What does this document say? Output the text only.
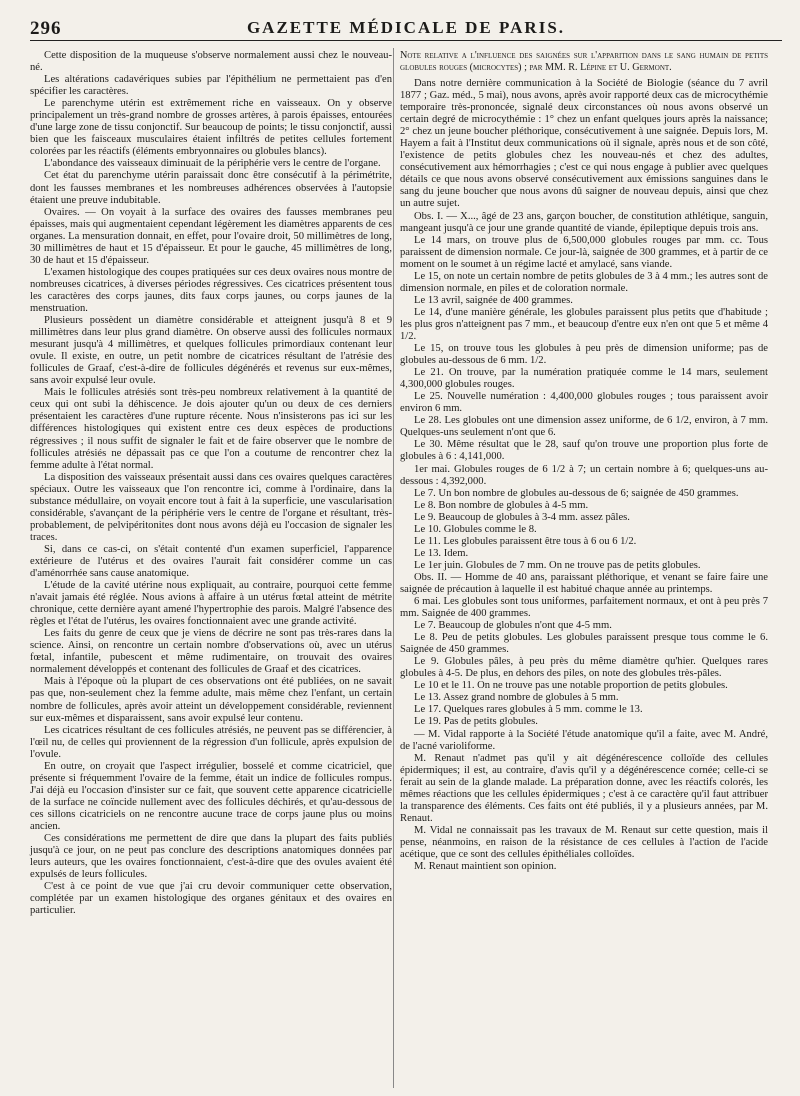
296	GAZETTE MÉDICALE DE PARIS.

Cette disposition de la muqueuse s'observe normalement aussi chez le nouveau-né.

Les altérations cadavériques subies par l'épithélium ne permettaient pas d'en spécifier les caractères.

Le parenchyme utérin est extrêmement riche en vaisseaux. On y observe principalement un très-grand nombre de grosses artères, à parois épaisses, entourées d'une large zone de tissu conjonctif. Sur beaucoup de points; le tissu conjonctif, aussi bien que les faisceaux musculaires étaient infiltrés de petites cellules fortement colorées par les réactifs (éléments embryonnaires ou globules blancs).

L'abondance des vaisseaux diminuait de la périphérie vers le centre de l'organe.

Cet état du parenchyme utérin paraissait donc être consécutif à la périmétrite, dont les fausses membranes et les nombreuses adhérences observées à l'autopsie étaient une preuve indubitable.

Ovaires. — On voyait à la surface des ovaires des fausses membranes peu épaisses, mais qui augmentaient cependant légèrement les diamètres apparents de ces organes. La mensuration donnait, en effet, pour l'ovaire droit, 50 millimètres de long, 30 millimètres de haut et 15 d'épaisseur. Et pour le gauche, 45 millimètres de long, 30 de haut et 15 d'épaisseur.

L'examen histologique des coupes pratiquées sur ces deux ovaires nous montre de nombreuses cicatrices, à diverses périodes régressives. Ces cicatrices présentent tous les caractères des corps jaunes, dits faux corps jaunes, ou corps jaunes de la menstruation.

Plusieurs possèdent un diamètre considérable et atteignent jusqu'à 8 et 9 millimètres dans leur plus grand diamètre. On observe aussi des follicules normaux mesurant jusqu'à 4 millimètres, et quelques follicules primordiaux contenant leur ovule. Il existe, en outre, un petit nombre de cicatrices résultant de l'atrésie des follicules de Graaf, c'est-à-dire de follicules dégénérés et revenus sur eux-mêmes, sans avoir expulsé leur ovule.

Mais le follicules atrésiés sont très-peu nombreux relativement à la quantité de ceux qui ont subi la déhiscence. Je dois ajouter qu'un ou deux de ces derniers présentaient les caractères d'une rupture récente. Nous n'insisterons pas ici sur les différences histologiques qui existent entre ces deux espèces de productions régressives ; il nous suffit de signaler le fait et de faire observer que le nombre de follicules atrésiés ne dépassait pas ce que l'on a coutume de rencontrer chez la femme adulte à l'état normal.

La disposition des vaisseaux présentait aussi dans ces ovaires quelques caractères spéciaux. Outre les vaisseaux que l'on rencontre ici, comme à l'ordinaire, dans la substance médullaire, on voyait encore tout à fait à la superficie, une vascularisation considérable, s'avançant de la périphérie vers le centre de l'organe et résultant, très-probablement, de pelvipéritonites dont nous avons déjà eu l'occasion de signaler les traces.

Si, dans ce cas-ci, on s'était contenté d'un examen superficiel, l'apparence extérieure de l'utérus et des ovaires l'aurait fait considérer comme un cas d'aménorrhée sans cause anatomique.

L'étude de la cavité utérine nous expliquait, au contraire, pourquoi cette femme n'avait jamais été réglée. Nous avions à affaire à un utérus fœtal atteint de métrite chronique, cette dernière ayant amené l'hypertrophie des parois. Malgré l'absence des règles et l'état de l'utérus, les ovaires fonctionnaient avec une grande activité.

Les faits du genre de ceux que je viens de décrire ne sont pas très-rares dans la science. Ainsi, on rencontre un certain nombre d'observations où, avec un utérus fœtal, infantile, pubescent et même rudimentaire, on trouvait des ovaires normalement développés et contenant des follicules de Graaf et des cicatrices.

Mais à l'époque où la plupart de ces observations ont été publiées, on ne savait pas que, non-seulement chez la femme adulte, mais même chez l'enfant, un certain nombre de follicules, après avoir atteint un développement considérable, reviennent sur eux-mêmes et disparaissent, sans avoir expulsé leur contenu.

Les cicatrices résultant de ces follicules atrésiés, ne peuvent pas se différencier, à l'œil nu, de celles qui proviennent de la régression d'un follicule, après expulsion de l'ovule.

En outre, on croyait que l'aspect irrégulier, bosselé et comme cicatriciel, que présente si fréquemment l'ovaire de la femme, était un indice de follicules rompus. J'ai déjà eu l'occasion d'insister sur ce fait, que souvent cette apparence cicatricielle de la surface ne coïncide nullement avec des follicules déchirés, et qu'au-dessous de ces sillons cicatriciels on ne rencontre aucune trace de corps jaune plus ou moins ancien.

Ces considérations me permettent de dire que dans la plupart des faits publiés jusqu'à ce jour, on ne peut pas conclure des descriptions anatomiques données par leurs auteurs, que les ovaires fonctionnaient, c'est-à-dire que des ovules avaient été expulsés de leurs follicules.

C'est à ce point de vue que j'ai cru devoir communiquer cette observation, complétée par un examen histologique des organes génitaux et des ovaires en particulier.

Note relative a l'influence des saignées sur l'apparition dans le sang humain de petits globules rouges (microcytes) ; par MM. R. Lépine et U. Germont.

Dans notre dernière communication à la Société de Biologie (séance du 7 avril 1877 ; Gaz. méd., 5 mai), nous avons, après avoir rapporté deux cas de microcythémie temporaire très-prononcée, signalé deux circonstances où nous avons observé un certain degré de microcythémie : 1° chez un enfant quelques jours après la naissance; 2° chez un jeune boucher pléthorique, consécutivement à une saignée. Depuis lors, M. Hayem a fait à l'Institut deux communications où il signale, après nous et de son côté, l'existence de petits globules chez les nouveau-nés et chez des adultes, consécutivement aux hémorrhagies ; c'est ce qui nous engage à publier avec quelques détails ce que nous avons observé consécutivement aux émissions sanguines dans le sang du jeune boucher que nous avons dû saigner de nouveau depuis, ainsi que chez un autre sujet.

Obs. I. — X..., âgé de 23 ans, garçon boucher, de constitution athlétique, sanguin, mangeant jusqu'à ce jour une grande quantité de viande, épileptique depuis trois ans.

Le 14 mars, on trouve plus de 6,500,000 globules rouges par mm. cc. Tous paraissent de dimension normale. Ce jour-là, saignée de 300 grammes, et à partir de ce moment on le soumet à un régime lacté et amylacé, sans viande.

Le 15, on note un certain nombre de petits globules de 3 à 4 mm.; les autres sont de dimension normale, en piles et de coloration normale.

Le 13 avril, saignée de 400 grammes.

Le 14, d'une manière générale, les globules paraissent plus petits que d'habitude ; les plus gros n'atteignent pas 7 mm., et beaucoup d'entre eux n'en ont que 5 et même 4 1/2.

Le 15, on trouve tous les globules à peu près de dimension uniforme; pas de globules au-dessous de 6 mm. 1/2.

Le 21. On trouve, par la numération pratiquée comme le 14 mars, seulement 4,300,000 globules rouges.

Le 25. Nouvelle numération : 4,400,000 globules rouges ; tous paraissent avoir environ 6 mm.

Le 28. Les globules ont une dimension assez uniforme, de 6 1/2, environ, à 7 mm. Quelques-uns seulement n'ont que 6.

Le 30. Même résultat que le 28, sauf qu'on trouve une proportion plus forte de globules à 6 : 4,141,000.

1er mai. Globules rouges de 6 1/2 à 7; un certain nombre à 6; quelques-uns au-dessous : 4,392,000.

Le 7. Un bon nombre de globules au-dessous de 6; saignée de 450 grammes.

Le 8. Bon nombre de globules à 4-5 mm.

Le 9. Beaucoup de globules à 3-4 mm. assez pâles.

Le 10. Globules comme le 8.

Le 11. Les globules paraissent être tous à 6 ou 6 1/2.

Le 13. Idem.

Le 1er juin. Globules de 7 mm. On ne trouve pas de petits globules.

Obs. II. — Homme de 40 ans, paraissant pléthorique, et venant se faire faire une saignée de précaution à laquelle il est habitué chaque année au printemps.

6 mai. Les globules sont tous uniformes, parfaitement normaux, et ont à peu près 7 mm. Saignée de 400 grammes.

Le 7. Beaucoup de globules n'ont que 4-5 mm.

Le 8. Peu de petits globules. Les globules paraissent presque tous comme le 6. Saignée de 450 grammes.

Le 9. Globules pâles, à peu près du même diamètre qu'hier. Quelques rares globules à 4-5. De plus, en dehors des piles, on note des globules très-pâles.

Le 10 et le 11. On ne trouve pas une notable proportion de petits globules.

Le 13. Assez grand nombre de globules à 5 mm.

Le 17. Quelques rares globules à 5 mm. comme le 13.

Le 19. Pas de petits globules.

— M. Vidal rapporte à la Société l'étude anatomique qu'il a faite, avec M. André, de l'acné varioliforme.

M. Renaut n'admet pas qu'il y ait dégénérescence colloïde des cellules épidermiques; il est, au contraire, d'avis qu'il y a dégénérescence cornée; celle-ci se ferait au sein de la glande malade. La préparation donne, avec les réactifs colorés, les mêmes réactions que les cellules épidermiques ; c'est à ce caractère qu'il faut attribuer la transparence des éléments. Ces faits ont été publiés, il y a plusieurs années, par M. Renaut.

M. Vidal ne connaissait pas les travaux de M. Renaut sur cette question, mais il pense, néanmoins, en raison de la résistance de ces cellules à l'action de l'acide acétique, que ce sont des cellules épithéliales colloïdes.

M. Renaut maintient son opinion.
